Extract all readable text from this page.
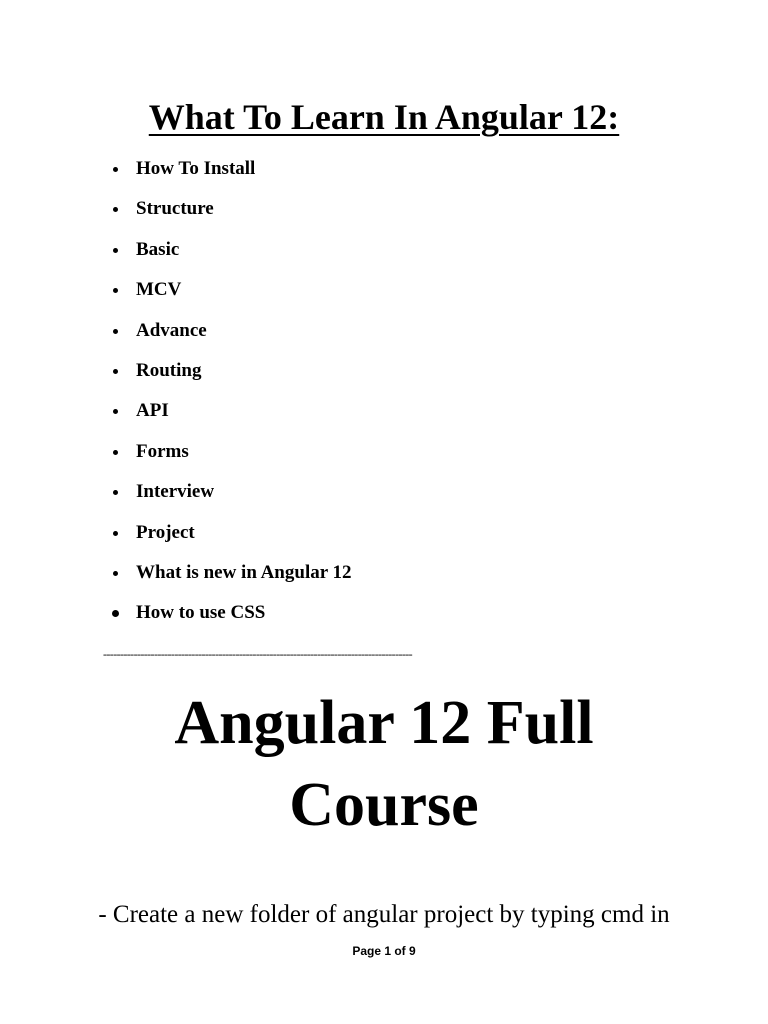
What To Learn In Angular 12:
How To Install
Structure
Basic
MCV
Advance
Routing
API
Forms
Interview
Project
What is new in Angular 12
How to use CSS
-------------------------------------------------------------------------------------------
Angular 12 Full
Course

- Create a new folder of angular project by typing cmd in

Page 1 of 9
